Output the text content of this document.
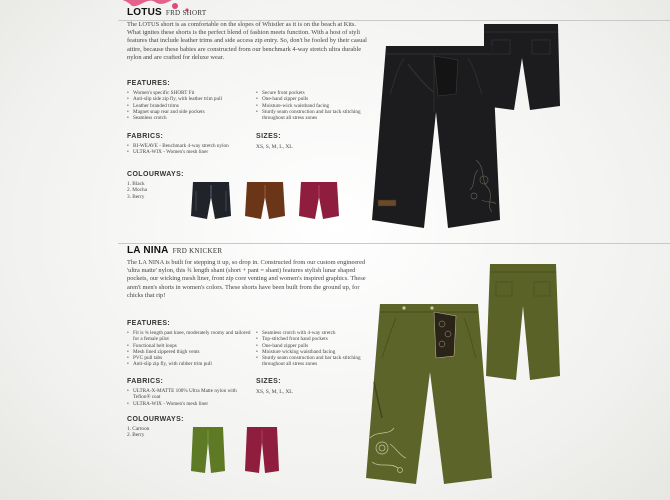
LOTUS FRD SHORT
The LOTUS short is as comfortable on the slopes of Whistler as it is on the beach at Kits. What ignites these shorts is the perfect blend of fashion meets function. With a host of styli features that include leather trims and side access zip entry. So, don't be fooled by their casual attire, because these babies are constructed from our benchmark 4-way stretch ultra durable nylon and are crafted for deluxe wear.
FEATURES:
• Women's specific SHORT Fit
• Anti-slip side zip fly, with leather trim pull
• Leather branded trims
• Magnet snap rear and side pockets
• Seamless crotch
• Secure front pockets
• One-hand zipper pulls
• Moisture-wick waistband facing
• Sturdy seam construction and bar tack stitching throughout all stress zones
FABRICS:
• BI-WEAVE - Benchmark 4-way stretch nylon
• ULTRA-WIX - Women's mesh liner
SIZES:
XS, S, M, L, XL
COLOURWAYS:
1. Black
2. Mocha
3. Berry
LA NINA FRD KNICKER
The LA NINA is built for stepping it up, so drop in. Constructed from our custom engineered 'ultra matte' nylon, this ¾ length shant (short + pant = shant) features stylish lunar shaped pockets, our wicking mesh liner, front zip core venting and women's inspired graphics. These aren't men's shorts in women's colors. These shorts have been built from the ground up, for chicks that rip!
FEATURES:
• Fit is ¾ length past knee, moderately roomy and tailored for a female pilot
• Functional belt loops
• Mesh lined zippered thigh vents
• PVC pull tabs
• Anti-slip zip fly, with rubber trim pull
• Seamless crotch with 4-way stretch
• Top-stitched front hand pockets
• One-hand zipper pulls
• Moisture wicking waistband facing
• Sturdy seam construction and bar tack stitching throughout all stress zones
FABRICS:
• ULTRA-X-MATTE 100% Ultra Matte nylon with Teflon® coat
• ULTRA-WIX - Women's mesh liner
SIZES:
XS, S, M, L, XL
COLOURWAYS:
1. Cartoon
2. Berry
